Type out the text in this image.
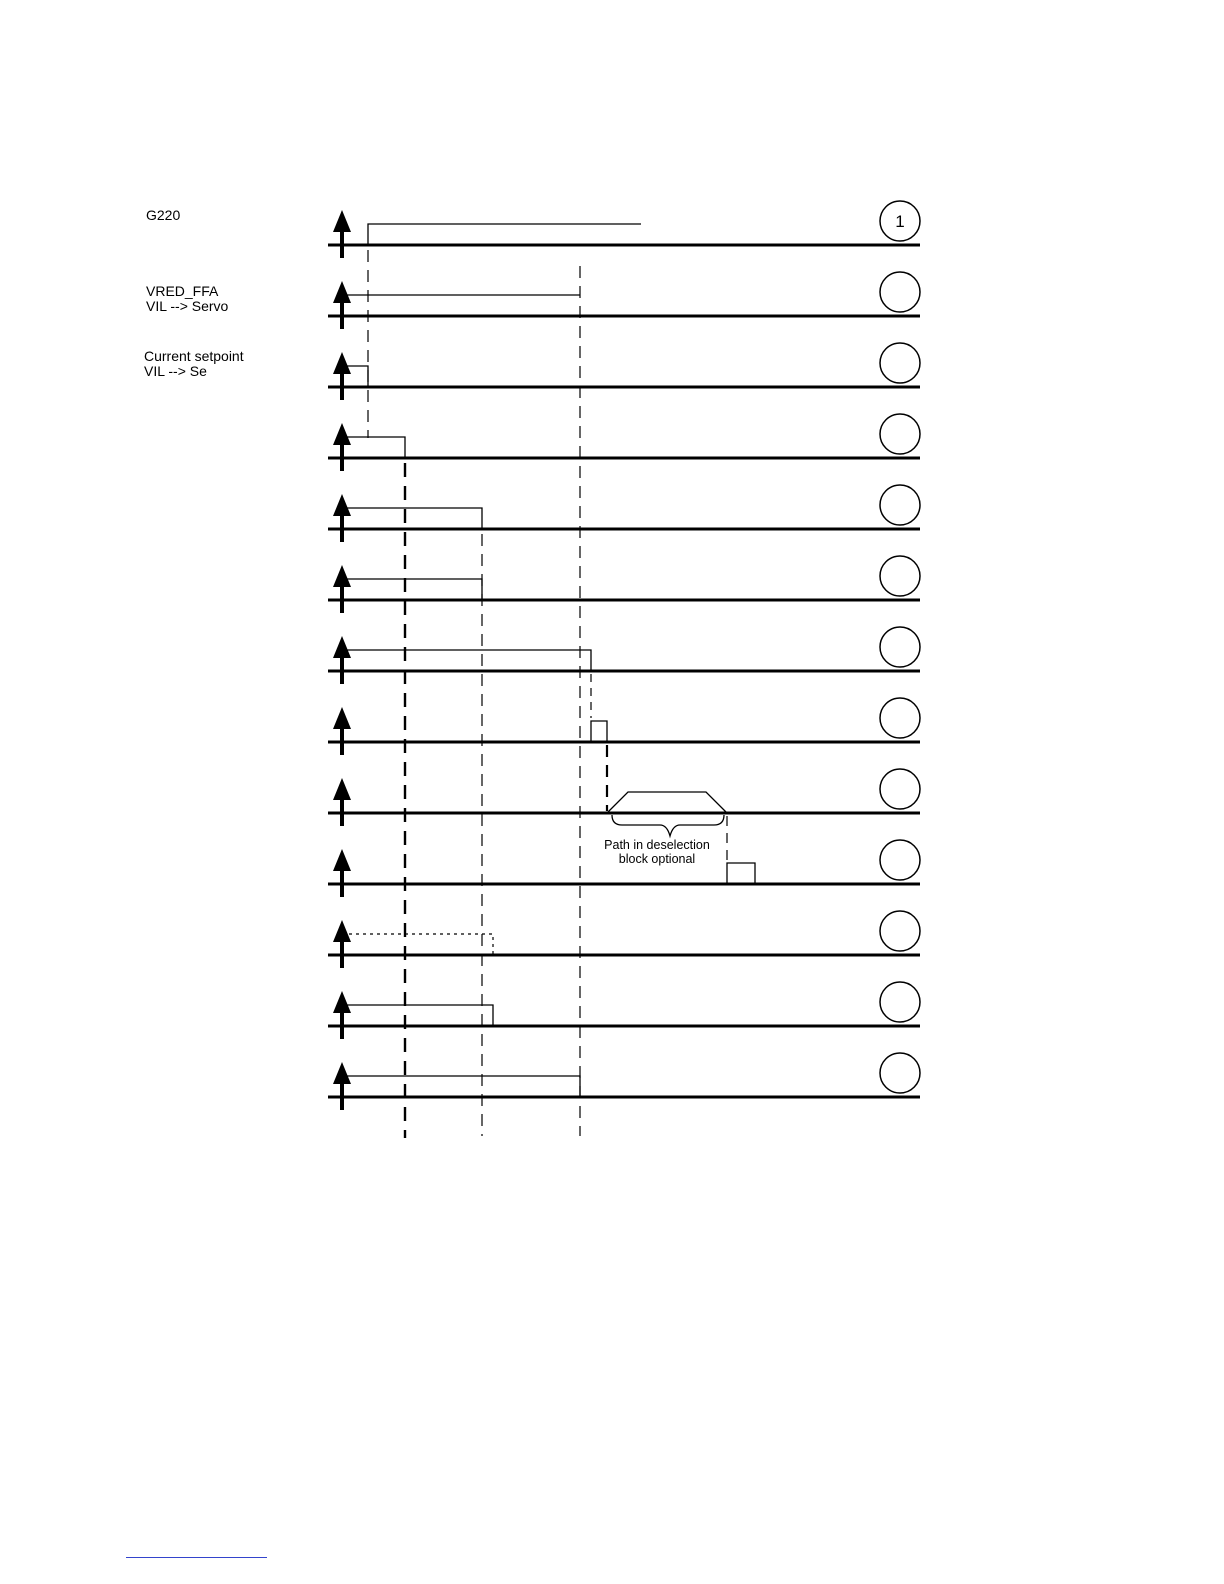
1
G220
VRED_FFA
VIL --> Servo
Current setpoint
VIL --> Se
Path in deselection
block optional
